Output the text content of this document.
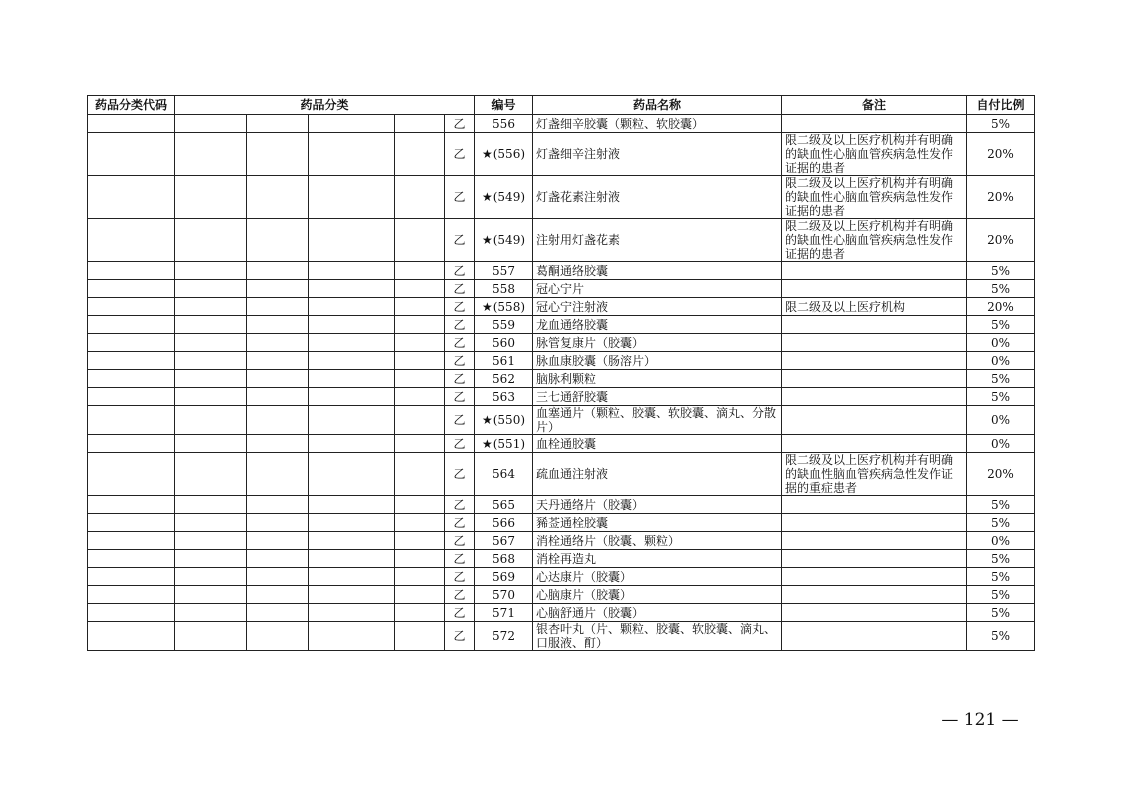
药品分类代码	药品分类					编号	药品名称	备注	自付比例
					乙	556	灯盏细辛胶囊（颗粒、软胶囊）		5%
					乙	★(556)	灯盏细辛注射液	限二级及以上医疗机构并有明确的缺血性心脑血管疾病急性发作证据的患者	20%
					乙	★(549)	灯盏花素注射液	限二级及以上医疗机构并有明确的缺血性心脑血管疾病急性发作证据的患者	20%
					乙	★(549)	注射用灯盏花素	限二级及以上医疗机构并有明确的缺血性心脑血管疾病急性发作证据的患者	20%
					乙	557	葛酮通络胶囊		5%
					乙	558	冠心宁片		5%
					乙	★(558)	冠心宁注射液	限二级及以上医疗机构	20%
					乙	559	龙血通络胶囊		5%
					乙	560	脉管复康片（胶囊）		0%
					乙	561	脉血康胶囊（肠溶片）		0%
					乙	562	脑脉利颗粒		5%
					乙	563	三七通舒胶囊		5%
					乙	★(550)	血塞通片（颗粒、胶囊、软胶囊、滴丸、分散片）		0%
					乙	★(551)	血栓通胶囊		0%
					乙	564	疏血通注射液	限二级及以上医疗机构并有明确的缺血性脑血管疾病急性发作证据的重症患者	20%
					乙	565	天丹通络片（胶囊）		5%
					乙	566	豨莶通栓胶囊		5%
					乙	567	消栓通络片（胶囊、颗粒）		0%
					乙	568	消栓再造丸		5%
					乙	569	心达康片（胶囊）		5%
					乙	570	心脑康片（胶囊）		5%
					乙	571	心脑舒通片（胶囊）		5%
					乙	572	银杏叶丸（片、颗粒、胶囊、软胶囊、滴丸、口服液、酊）		5%
— 121 —
